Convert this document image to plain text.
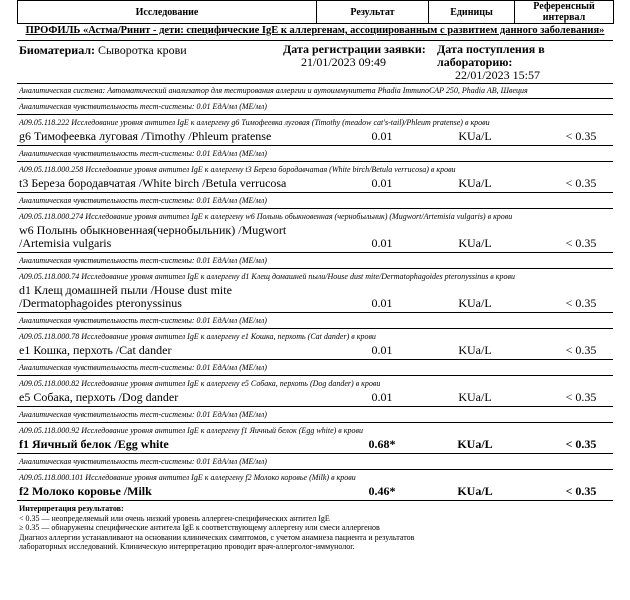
Исследование	Результат	Единицы	Референсный интервал
ПРОФИЛЬ «Астма/Ринит - дети: специфические IgE к аллергенам, ассоциированным с развитием данного заболевания»
Биоматериал: Сыворотка крови	Дата регистрации заявки:
21/01/2023 09:49
Дата поступления в лабораторию:
22/01/2023 15:57
Аналитическая система: Автоматический анализатор для тестирования аллергии и аутоиммунитета Phadia ImmunoCAP 250, Phadia AB, Швеция
Аналитическая чувствительность тест-системы: 0.01 ЕдА/мл (МЕ/мл)
А09.05.118.222 Исследование уровня антител IgE к аллергену g6 Тимофеевка луговая (Timothy (meadow cat's-tail)/Phleum pratense) в крови
g6 Тимофеевка луговая /Timothy /Phleum pratense	0.01	KUa/L	< 0.35
Аналитическая чувствительность тест-системы: 0.01 ЕдА/мл (МЕ/мл)
А09.05.118.000.258 Исследование уровня антител IgE к аллергену t3 Береза бородавчатая (White birch/Betula verrucosa) в крови
t3 Береза бородавчатая /White birch /Betula verrucosa	0.01	KUa/L	< 0.35
Аналитическая чувствительность тест-системы: 0.01 ЕдА/мл (МЕ/мл)
А09.05.118.000.274 Исследование уровня антител IgE к аллергену w6 Полынь обыкновенная (чернобыльник) (Mugwort/Artemisia vulgaris) в крови
w6 Полынь обыкновенная(чернобыльник) /Mugwort /Artemisia vulgaris	0.01	KUa/L	< 0.35
Аналитическая чувствительность тест-системы: 0.01 ЕдА/мл (МЕ/мл)
А09.05.118.000.74 Исследование уровня антител IgE к аллергену d1 Клещ домашней пыли/House dust mite/Dermatophagoides pteronyssinus в крови
d1 Клещ домашней пыли /House dust mite /Dermatophagoides pteronyssinus	0.01	KUa/L	< 0.35
Аналитическая чувствительность тест-системы: 0.01 ЕдА/мл (МЕ/мл)
А09.05.118.000.78 Исследование уровня антител IgE к аллергену e1 Кошка, перхоть (Cat dander) в крови
e1 Кошка, перхоть /Cat dander	0.01	KUa/L	< 0.35
Аналитическая чувствительность тест-системы: 0.01 ЕдА/мл (МЕ/мл)
А09.05.118.000.82 Исследование уровня антител IgE к аллергену e5 Собака, перхоть (Dog dander) в крови
e5 Собака, перхоть /Dog dander	0.01	KUa/L	< 0.35
Аналитическая чувствительность тест-системы: 0.01 ЕдА/мл (МЕ/мл)
А09.05.118.000.92 Исследование уровня антител IgE к аллергену f1 Яичный белок (Egg white) в крови
f1 Яичный белок /Egg white	0.68*	KUa/L	< 0.35
Аналитическая чувствительность тест-системы: 0.01 ЕдА/мл (МЕ/мл)
А09.05.118.000.101 Исследование уровня антител IgE к аллергену f2 Молоко коровье (Milk) в крови
f2 Молоко коровье /Milk	0.46*	KUa/L	< 0.35
Интерпретация результатов:
< 0.35 — неопределяемый или очень низкий уровень аллерген-специфических антител IgE
≥ 0.35 — обнаружены специфические антитела IgE к соответствующему аллергену или смеси аллергенов
Диагноз аллергии устанавливают на основании клинических симптомов, с учетом анамнеза пациента и результатов
лабораторных исследований. Клиническую интерпретацию проводит врач-аллерголог-иммунолог.
